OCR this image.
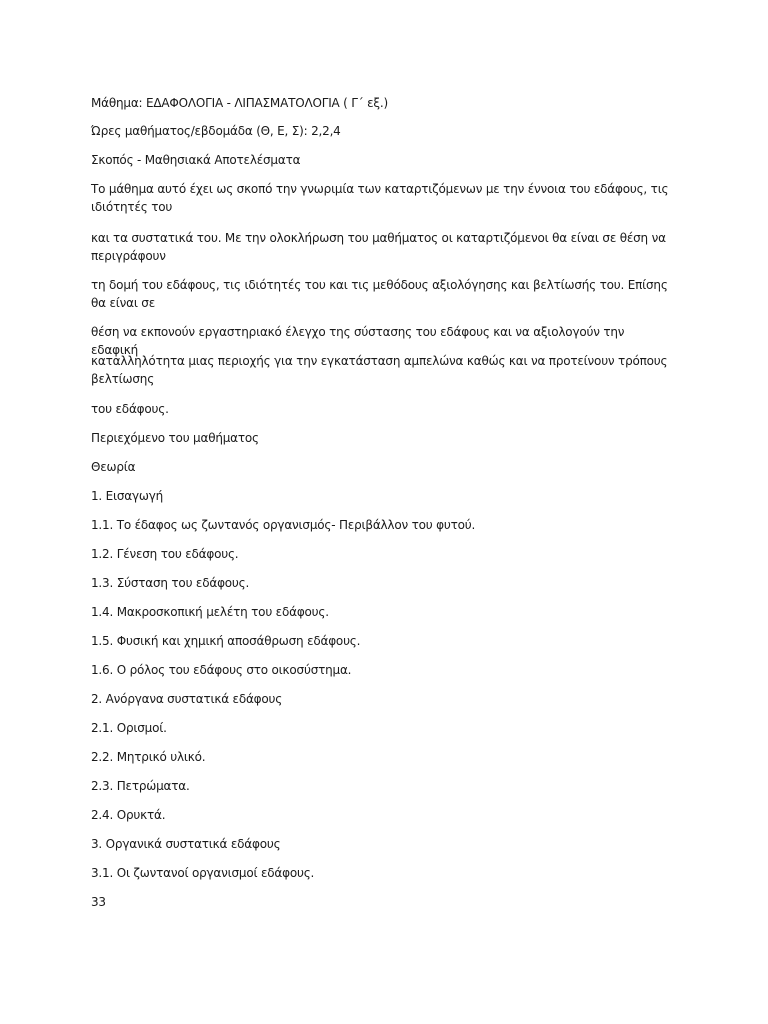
Μάθημα: ΕΔΑΦΟΛΟΓΙΑ - ΛΙΠΑΣΜΑΤΟΛΟΓΙΑ ( Γ΄ εξ.)
Ώρες μαθήματος/εβδομάδα (Θ, Ε, Σ): 2,2,4
Σκοπός - Μαθησιακά Αποτελέσματα
Το μάθημα αυτό έχει ως σκοπό την γνωριμία των καταρτιζόμενων με την έννοια του εδάφους, τις ιδιότητές του
και τα συστατικά του. Με την ολοκλήρωση του μαθήματος οι καταρτιζόμενοι θα είναι σε θέση να περιγράφουν
τη δομή του εδάφους, τις ιδιότητές του και τις μεθόδους αξιολόγησης και βελτίωσής του. Επίσης θα είναι σε
θέση να εκπονούν εργαστηριακό έλεγχο της σύστασης του εδάφους και να αξιολογούν την εδαφική
καταλληλότητα μιας περιοχής για την εγκατάσταση αμπελώνα καθώς και να προτείνουν τρόπους βελτίωσης
του εδάφους.
Περιεχόμενο του μαθήματος
Θεωρία
1. Εισαγωγή
1.1. Το έδαφος ως ζωντανός οργανισμός- Περιβάλλον του φυτού.
1.2. Γένεση του εδάφους.
1.3. Σύσταση του εδάφους.
1.4. Μακροσκοπική μελέτη του εδάφους.
1.5. Φυσική και χημική αποσάθρωση εδάφους.
1.6. Ο ρόλος του εδάφους στο οικοσύστημα.
2. Ανόργανα συστατικά εδάφους
2.1. Ορισμοί.
2.2. Μητρικό υλικό.
2.3. Πετρώματα.
2.4. Ορυκτά.
3. Οργανικά συστατικά εδάφους
3.1. Οι ζωντανοί οργανισμοί εδάφους.
33
